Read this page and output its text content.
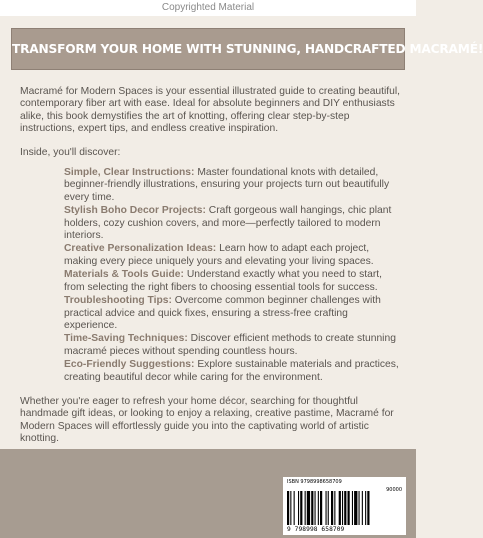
Copyrighted Material
TRANSFORM YOUR HOME WITH STUNNING, HANDCRAFTED MACRAMÉ!

Macramé for Modern Spaces is your essential illustrated guide to creating beautiful, contemporary fiber art with ease. Ideal for absolute beginners and DIY enthusiasts alike, this book demystifies the art of knotting, offering clear step-by-step instructions, expert tips, and endless creative inspiration.

Inside, you'll discover:

Simple, Clear Instructions: Master foundational knots with detailed, beginner-friendly illustrations, ensuring your projects turn out beautifully every time.
Stylish Boho Decor Projects: Craft gorgeous wall hangings, chic plant holders, cozy cushion covers, and more—perfectly tailored to modern interiors.
Creative Personalization Ideas: Learn how to adapt each project, making every piece uniquely yours and elevating your living spaces.
Materials & Tools Guide: Understand exactly what you need to start, from selecting the right fibers to choosing essential tools for success.
Troubleshooting Tips: Overcome common beginner challenges with practical advice and quick fixes, ensuring a stress-free crafting experience.
Time-Saving Techniques: Discover efficient methods to create stunning macramé pieces without spending countless hours.
Eco-Friendly Suggestions: Explore sustainable materials and practices, creating beautiful decor while caring for the environment.

Whether you're eager to refresh your home décor, searching for thoughtful handmade gift ideas, or looking to enjoy a relaxing, creative pastime, Macramé for Modern Spaces will effortlessly guide you into the captivating world of artistic knotting.

ISBN 9798998658709
90000
9 798998 658709
